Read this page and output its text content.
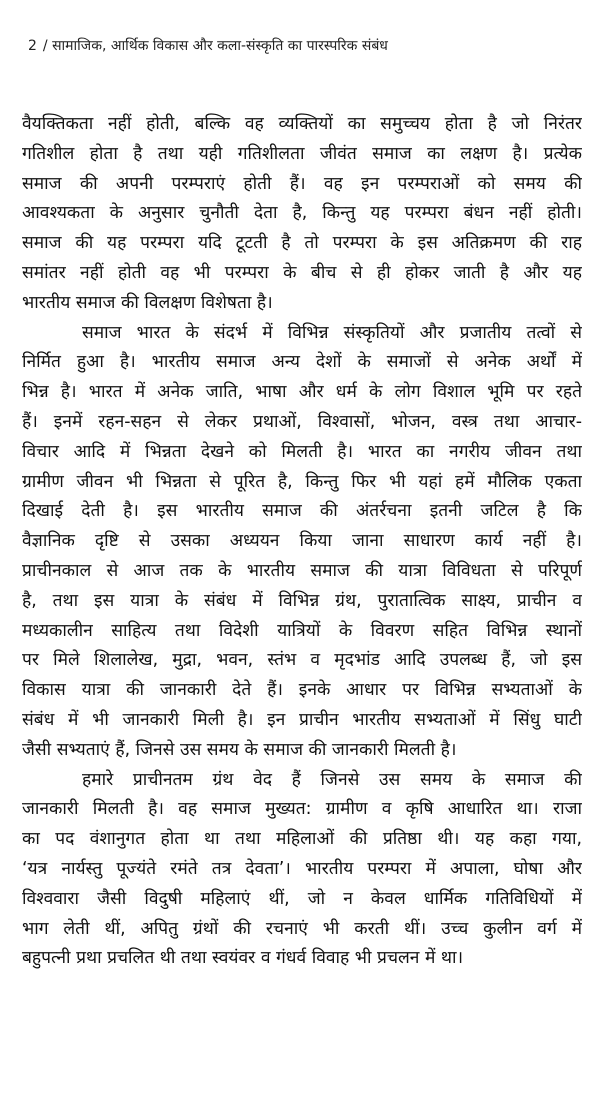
2 / सामाजिक, आर्थिक विकास और कला-संस्कृति का पारस्परिक संबंध
वैयक्तिकता नहीं होती, बल्कि वह व्यक्तियों का समुच्चय होता है जो निरंतर
गतिशील होता है तथा यही गतिशीलता जीवंत समाज का लक्षण है। प्रत्येक
समाज की अपनी परम्पराएं होती हैं। वह इन परम्पराओं को समय की
आवश्यकता के अनुसार चुनौती देता है, किन्तु यह परम्परा बंधन नहीं होती।
समाज की यह परम्परा यदि टूटती है तो परम्परा के इस अतिक्रमण की राह
समांतर नहीं होती वह भी परम्परा के बीच से ही होकर जाती है और यह
भारतीय समाज की विलक्षण विशेषता है।
समाज भारत के संदर्भ में विभिन्न संस्कृतियों और प्रजातीय तत्वों से
निर्मित हुआ है। भारतीय समाज अन्य देशों के समाजों से अनेक अर्थों में
भिन्न है। भारत में अनेक जाति, भाषा और धर्म के लोग विशाल भूमि पर रहते
हैं। इनमें रहन-सहन से लेकर प्रथाओं, विश्वासों, भोजन, वस्त्र तथा आचार-
विचार आदि में भिन्नता देखने को मिलती है। भारत का नगरीय जीवन तथा
ग्रामीण जीवन भी भिन्नता से पूरित है, किन्तु फिर भी यहां हमें मौलिक एकता
दिखाई देती है। इस भारतीय समाज की अंतर्रचना इतनी जटिल है कि
वैज्ञानिक दृष्टि से उसका अध्ययन किया जाना साधारण कार्य नहीं है।
प्राचीनकाल से आज तक के भारतीय समाज की यात्रा विविधता से परिपूर्ण
है, तथा इस यात्रा के संबंध में विभिन्न ग्रंथ, पुरातात्विक साक्ष्य, प्राचीन व
मध्यकालीन साहित्य तथा विदेशी यात्रियों के विवरण सहित विभिन्न स्थानों
पर मिले शिलालेख, मुद्रा, भवन, स्तंभ व मृदभांड आदि उपलब्ध हैं, जो इस
विकास यात्रा की जानकारी देते हैं। इनके आधार पर विभिन्न सभ्यताओं के
संबंध में भी जानकारी मिली है। इन प्राचीन भारतीय सभ्यताओं में सिंधु घाटी
जैसी सभ्यताएं हैं, जिनसे उस समय के समाज की जानकारी मिलती है।
हमारे प्राचीनतम ग्रंथ वेद हैं जिनसे उस समय के समाज की
जानकारी मिलती है। वह समाज मुख्यत: ग्रामीण व कृषि आधारित था। राजा
का पद वंशानुगत होता था तथा महिलाओं की प्रतिष्ठा थी। यह कहा गया,
‘यत्र नार्यस्तु पूज्यंते रमंते तत्र देवता’। भारतीय परम्परा में अपाला, घोषा और
विश्ववारा जैसी विदुषी महिलाएं थीं, जो न केवल धार्मिक गतिविधियों में
भाग लेती थीं, अपितु ग्रंथों की रचनाएं भी करती थीं। उच्च कुलीन वर्ग में
बहुपत्नी प्रथा प्रचलित थी तथा स्वयंवर व गंधर्व विवाह भी प्रचलन में था।
